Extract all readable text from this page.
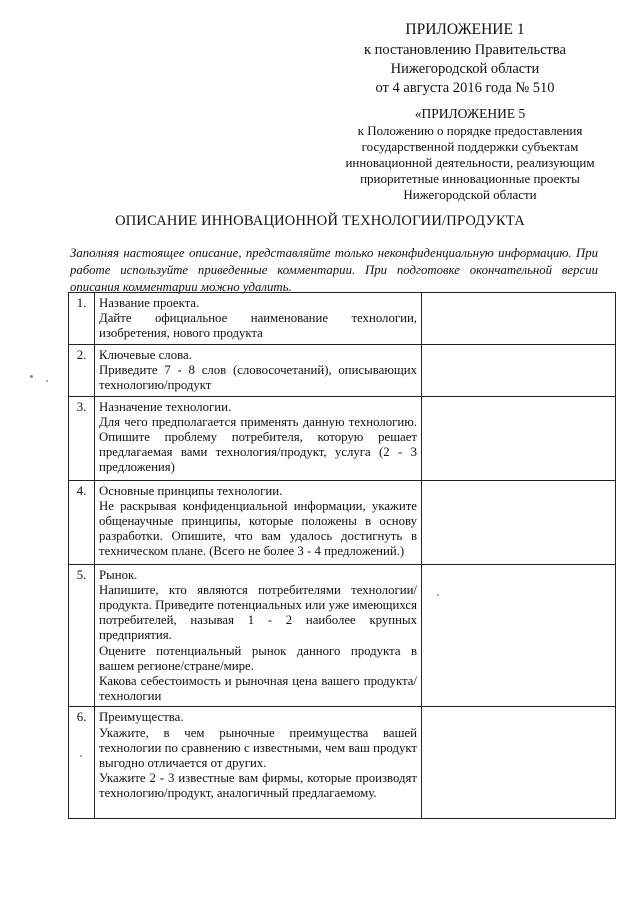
ПРИЛОЖЕНИЕ 1
к постановлению Правительства
Нижегородской области
от 4 августа 2016 года № 510
«ПРИЛОЖЕНИЕ 5
к Положению о порядке предоставления
государственной поддержки субъектам
инновационной деятельности, реализующим
приоритетные инновационные проекты
Нижегородской области
ОПИСАНИЕ ИННОВАЦИОННОЙ ТЕХНОЛОГИИ/ПРОДУКТА
Заполняя настоящее описание, представляйте только неконфиденциальную информацию. При работе используйте приведенные комментарии. При подготовке окончательной версии описания комментарии можно удалить.
1.	Название проекта.

Дайте официальное наименование технологии, изобретения, нового продукта	

2.	Ключевые слова.

Приведите 7 - 8 слов (словосочетаний), описывающих технологию/продукт	

3.	Назначение технологии.

Для чего предполагается применять данную технологию. Опишите проблему потребителя, которую решает предлагаемая вами технология/продукт, услуга (2 - 3 предложения)	

4.	Основные принципы технологии.

Не раскрывая конфиденциальной информации, укажите общенаучные принципы, которые положены в основу разработки. Опишите, что вам удалось достигнуть в техническом плане. (Всего не более 3 - 4 предложений.)	

5.	Рынок.

Напишите, кто являются потребителями технологии/продукта. Приведите потенциальных или уже имеющихся потребителей, называя 1 - 2 наиболее крупных предприятия.

Оцените потенциальный рынок данного продукта в вашем регионе/стране/мире.

Какова себестоимость и рыночная цена вашего продукта/технологии	

6.	Преимущества.

Укажите, в чем рыночные преимущества вашей технологии по сравнению с известными, чем ваш продукт выгодно отличается от других.

Укажите 2 - 3 известные вам фирмы, которые производят технологию/продукт, аналогичный предлагаемому.	
